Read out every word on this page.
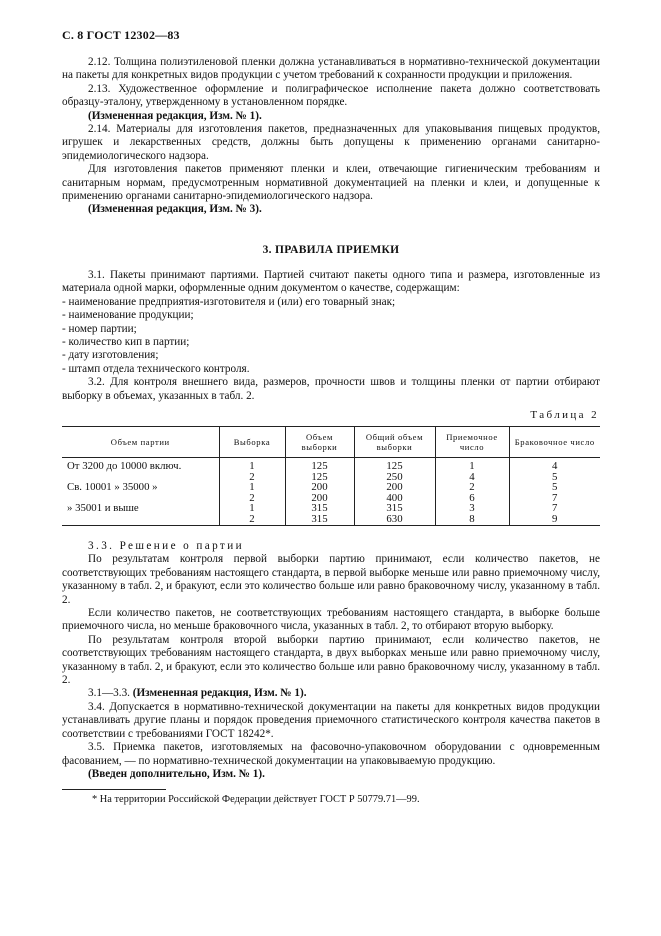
С. 8 ГОСТ 12302—83

2.12. Толщина полиэтиленовой пленки должна устанавливаться в нормативно-технической документации на пакеты для конкретных видов продукции с учетом требований к сохранности продукции и приложения.

2.13. Художественное оформление и полиграфическое исполнение пакета должно соответствовать образцу-эталону, утвержденному в установленном порядке.

(Измененная редакция, Изм. № 1).

2.14. Материалы для изготовления пакетов, предназначенных для упаковывания пищевых продуктов, игрушек и лекарственных средств, должны быть допущены к применению органами санитарно-эпидемиологического надзора.

Для изготовления пакетов применяют пленки и клеи, отвечающие гигиеническим требованиям и санитарным нормам, предусмотренным нормативной документацией на пленки и клеи, и допущенные к применению органами санитарно-эпидемиологического надзора.

(Измененная редакция, Изм. № 3).

3. ПРАВИЛА ПРИЕМКИ

3.1. Пакеты принимают партиями. Партией считают пакеты одного типа и размера, изготовленные из материала одной марки, оформленные одним документом о качестве, содержащим:

- наименование предприятия-изготовителя и (или) его товарный знак;

- наименование продукции;

- номер партии;

- количество кип в партии;

- дату изготовления;

- штамп отдела технического контроля.

3.2. Для контроля внешнего вида, размеров, прочности швов и толщины пленки от партии отбирают выборку в объемах, указанных в табл. 2.

Таблица 2
Объем партии	Выборка	Объем выборки	Общий объем выборки	Приемочное число	Браковочное число
От 3200 до 10000 включ.	1	125	125	1	4
	2	125	250	4	5
Св. 10001 » 35000 »	1	200	200	2	5
	2	200	400	6	7
» 35001 и выше	1	315	315	3	7
	2	315	630	8	9

3.3. Решение о партии

По результатам контроля первой выборки партию принимают, если количество пакетов, не соответствующих требованиям настоящего стандарта, в первой выборке меньше или равно приемочному числу, указанному в табл. 2, и бракуют, если это количество больше или равно браковочному числу, указанному в табл. 2.

Если количество пакетов, не соответствующих требованиям настоящего стандарта, в выборке больше приемочного числа, но меньше браковочного числа, указанных в табл. 2, то отбирают вторую выборку.

По результатам контроля второй выборки партию принимают, если количество пакетов, не соответствующих требованиям настоящего стандарта, в двух выборках меньше или равно приемочному числу, указанному в табл. 2, и бракуют, если это количество больше или равно браковочному числу, указанному в табл. 2.

3.1—3.3. (Измененная редакция, Изм. № 1).

3.4. Допускается в нормативно-технической документации на пакеты для конкретных видов продукции устанавливать другие планы и порядок проведения приемочного статистического контроля качества пакетов в соответствии с требованиями ГОСТ 18242*.

3.5. Приемка пакетов, изготовляемых на фасовочно-упаковочном оборудовании с одновременным фасованием, — по нормативно-технической документации на упаковываемую продукцию.

(Введен дополнительно, Изм. № 1).

* На территории Российской Федерации действует ГОСТ Р 50779.71—99.
